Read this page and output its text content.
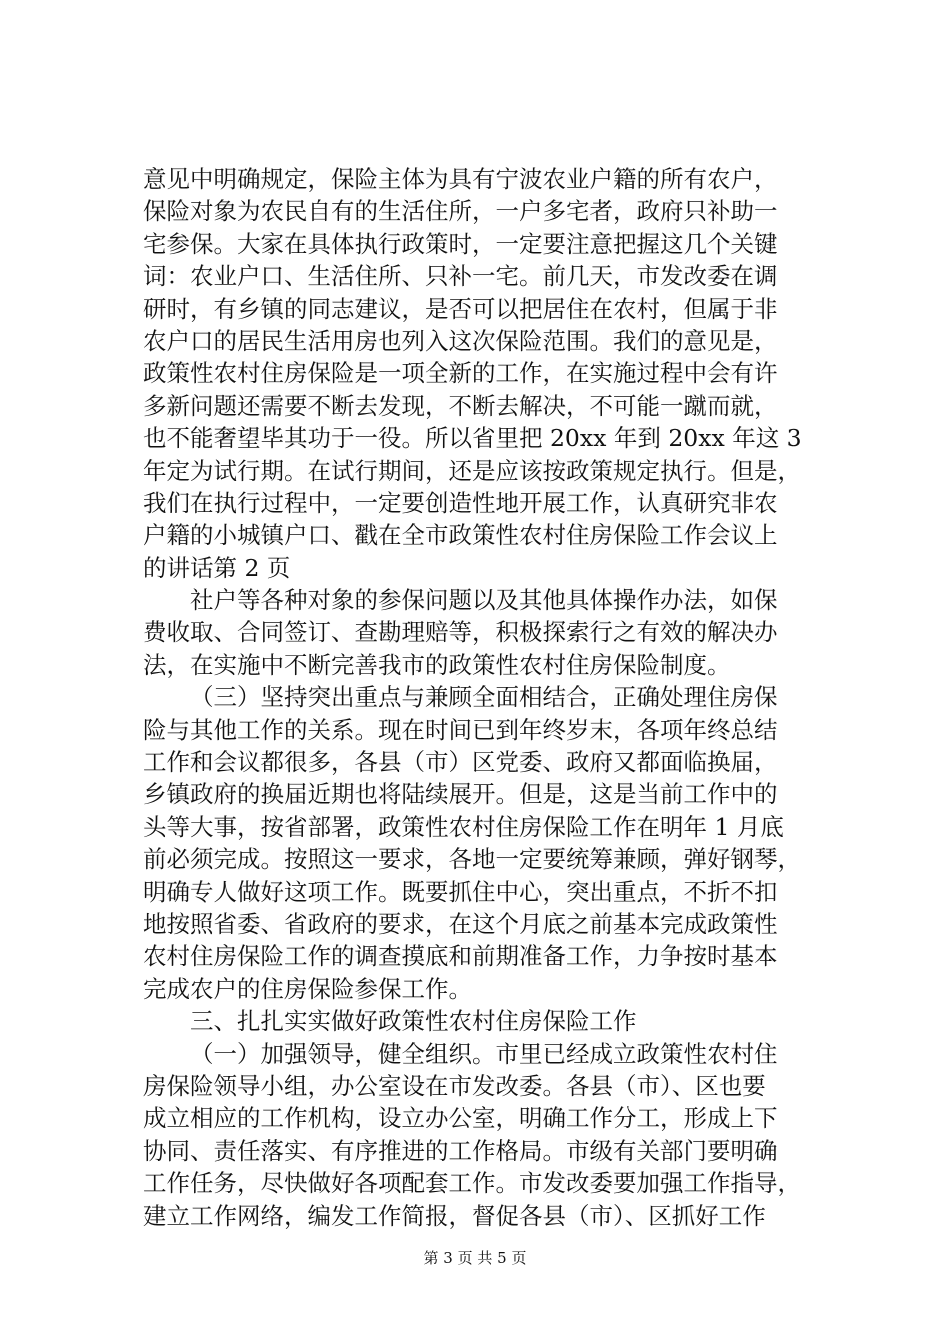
意见中明确规定，保险主体为具有宁波农业户籍的所有农户，
保险对象为农民自有的生活住所，一户多宅者，政府只补助一
宅参保。大家在具体执行政策时，一定要注意把握这几个关键
词：农业户口、生活住所、只补一宅。前几天，市发改委在调
研时，有乡镇的同志建议，是否可以把居住在农村，但属于非
农户口的居民生活用房也列入这次保险范围。我们的意见是，
政策性农村住房保险是一项全新的工作，在实施过程中会有许
多新问题还需要不断去发现，不断去解决，不可能一蹴而就，
也不能奢望毕其功于一役。所以省里把 20xx 年到 20xx 年这 3
年定为试行期。在试行期间，还是应该按政策规定执行。但是，
我们在执行过程中，一定要创造性地开展工作，认真研究非农
户籍的小城镇户口、戳在全市政策性农村住房保险工作会议上
的讲话第 2 页
社户等各种对象的参保问题以及其他具体操作办法，如保
费收取、合同签订、查勘理赔等，积极探索行之有效的解决办
法，在实施中不断完善我市的政策性农村住房保险制度。
（三）坚持突出重点与兼顾全面相结合，正确处理住房保
险与其他工作的关系。现在时间已到年终岁末，各项年终总结
工作和会议都很多，各县（市）区党委、政府又都面临换届，
乡镇政府的换届近期也将陆续展开。但是，这是当前工作中的
头等大事，按省部署，政策性农村住房保险工作在明年 1 月底
前必须完成。按照这一要求，各地一定要统筹兼顾，弹好钢琴，
明确专人做好这项工作。既要抓住中心，突出重点，不折不扣
地按照省委、省政府的要求，在这个月底之前基本完成政策性
农村住房保险工作的调查摸底和前期准备工作，力争按时基本
完成农户的住房保险参保工作。
三、扎扎实实做好政策性农村住房保险工作
（一）加强领导，健全组织。市里已经成立政策性农村住
房保险领导小组，办公室设在市发改委。各县（市）、区也要
成立相应的工作机构，设立办公室，明确工作分工，形成上下
协同、责任落实、有序推进的工作格局。市级有关部门要明确
工作任务，尽快做好各项配套工作。市发改委要加强工作指导，
建立工作网络，编发工作简报，督促各县（市）、区抓好工作
第 3 页 共 5 页
